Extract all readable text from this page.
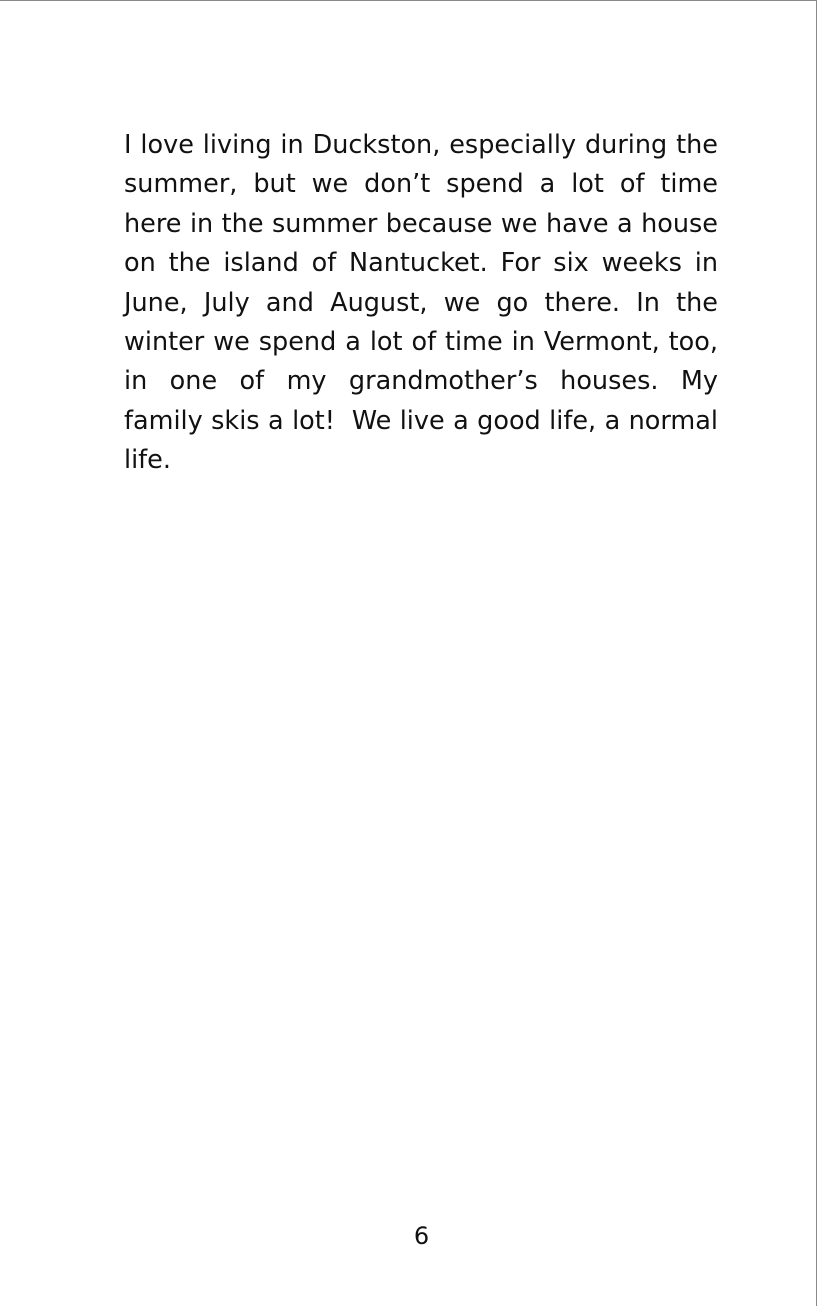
I love living in Duckston, especially during the summer, but we don’t spend a lot of time here in the summer because we have a house on the island of Nantucket. For six weeks in June, July and August, we go there. In the winter we spend a lot of time in Vermont, too, in one of my grandmother’s houses. My family skis a lot!  We live a good life, a normal life.

6
